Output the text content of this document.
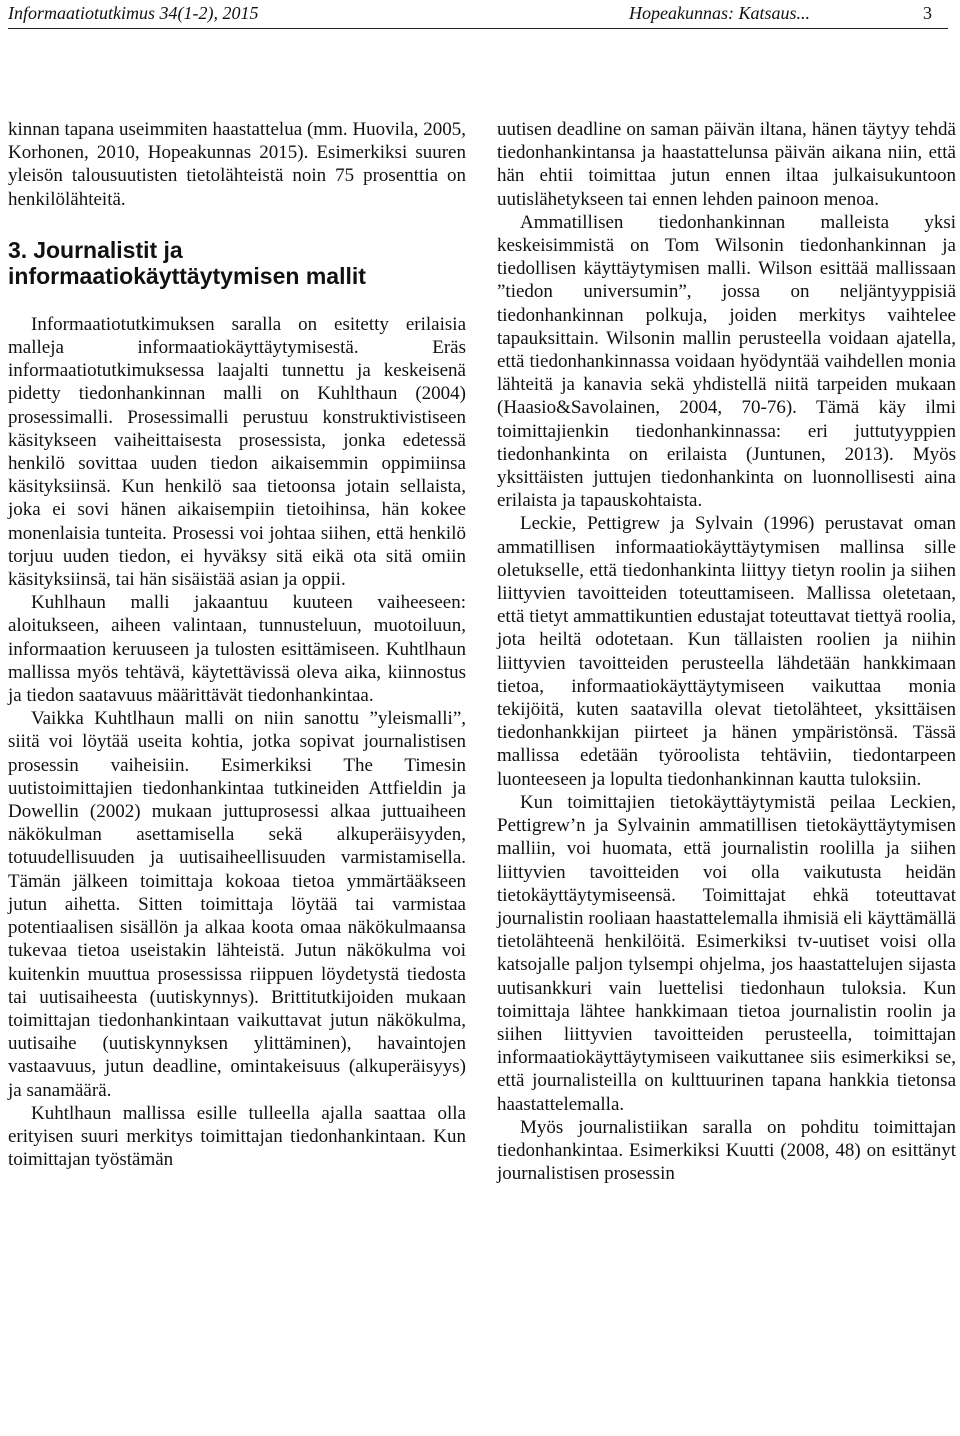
Informaatiotutkimus 34(1-2), 2015	Hopeakunnas: Katsaus...	3

kinnan tapana useimmiten haastattelua (mm. Huovila, 2005, Korhonen, 2010, Hopeakunnas 2015). Esimerkiksi suuren yleisön talousuutisten tietolähteistä noin 75 prosenttia on henkilölähteitä.

3. Journalistit ja informaatiokäyttäytymisen mallit

Informaatiotutkimuksen saralla on esitetty erilaisia malleja informaatiokäyttäytymisestä. Eräs informaatiotutkimuksessa laajalti tunnettu ja keskeisenä pidetty tiedonhankinnan malli on Kuhlthaun (2004) prosessimalli. Prosessimalli perustuu konstruktivistiseen käsitykseen vaiheittaisesta prosessista, jonka edetessä henkilö sovittaa uuden tiedon aikaisemmin oppimiinsa käsityksiinsä. Kun henkilö saa tietoonsa jotain sellaista, joka ei sovi hänen aikaisempiin tietoihinsa, hän kokee monenlaisia tunteita. Prosessi voi johtaa siihen, että henkilö torjuu uuden tiedon, ei hyväksy sitä eikä ota sitä omiin käsityksiinsä, tai hän sisäistää asian ja oppii.

Kuhlhaun malli jakaantuu kuuteen vaiheeseen: aloitukseen, aiheen valintaan, tunnusteluun, muotoiluun, informaation keruuseen ja tulosten esittämiseen. Kuhtlhaun mallissa myös tehtävä, käytettävissä oleva aika, kiinnostus ja tiedon saatavuus määrittävät tiedonhankintaa.

Vaikka Kuhtlhaun malli on niin sanottu ”yleismalli”, siitä voi löytää useita kohtia, jotka sopivat journalistisen prosessin vaiheisiin. Esimerkiksi The Timesin uutistoimittajien tiedonhankintaa tutkineiden Attfieldin ja Dowellin (2002) mukaan juttuprosessi alkaa juttuaiheen näkökulman asettamisella sekä alkuperäisyyden, totuudellisuuden ja uutisaiheellisuuden varmistamisella. Tämän jälkeen toimittaja kokoaa tietoa ymmärtääkseen jutun aihetta. Sitten toimittaja löytää tai varmistaa potentiaalisen sisällön ja alkaa koota omaa näkökulmaansa tukevaa tietoa useistakin lähteistä. Jutun näkökulma voi kuitenkin muuttua prosessissa riippuen löydetystä tiedosta tai uutisaiheesta (uutiskynnys). Brittitutkijoiden mukaan toimittajan tiedonhankintaan vaikuttavat jutun näkökulma, uutisaihe (uutiskynnyksen ylittäminen), havaintojen vastaavuus, jutun deadline, omintakeisuus (alkuperäisyys) ja sanamäärä.

Kuhtlhaun mallissa esille tulleella ajalla saattaa olla erityisen suuri merkitys toimittajan tiedonhankintaan. Kun toimittajan työstämän

uutisen deadline on saman päivän iltana, hänen täytyy tehdä tiedonhankintansa ja haastattelunsa päivän aikana niin, että hän ehtii toimittaa jutun ennen iltaa julkaisukuntoon uutislähetykseen tai ennen lehden painoon menoa.

Ammatillisen tiedonhankinnan malleista yksi keskeisimmistä on Tom Wilsonin tiedonhankinnan ja tiedollisen käyttäytymisen malli. Wilson esittää mallissaan ”tiedon universumin”, jossa on neljäntyyppisiä tiedonhankinnan polkuja, joiden merkitys vaihtelee tapauksittain. Wilsonin mallin perusteella voidaan ajatella, että tiedonhankinnassa voidaan hyödyntää vaihdellen monia lähteitä ja kanavia sekä yhdistellä niitä tarpeiden mukaan (Haasio&Savolainen, 2004, 70-76). Tämä käy ilmi toimittajienkin tiedonhankinnassa: eri juttutyyppien tiedonhankinta on erilaista (Juntunen, 2013). Myös yksittäisten juttujen tiedonhankinta on luonnollisesti aina erilaista ja tapauskohtaista.

Leckie, Pettigrew ja Sylvain (1996) perustavat oman ammatillisen informaatiokäyttäytymisen mallinsa sille oletukselle, että tiedonhankinta liittyy tietyn roolin ja siihen liittyvien tavoitteiden toteuttamiseen. Mallissa oletetaan, että tietyt ammattikuntien edustajat toteuttavat tiettyä roolia, jota heiltä odotetaan. Kun tällaisten roolien ja niihin liittyvien tavoitteiden perusteella lähdetään hankkimaan tietoa, informaatiokäyttäytymiseen vaikuttaa monia tekijöitä, kuten saatavilla olevat tietolähteet, yksittäisen tiedonhankkijan piirteet ja hänen ympäristönsä. Tässä mallissa edetään työroolista tehtäviin, tiedontarpeen luonteeseen ja lopulta tiedonhankinnan kautta tuloksiin.

Kun toimittajien tietokäyttäytymistä peilaa Leckien, Pettigrew’n ja Sylvainin ammatillisen tietokäyttäytymisen malliin, voi huomata, että journalistin roolilla ja siihen liittyvien tavoitteiden voi olla vaikutusta heidän tietokäyttäytymiseensä. Toimittajat ehkä toteuttavat journalistin rooliaan haastattelemalla ihmisiä eli käyttämällä tietolähteenä henkilöitä. Esimerkiksi tv-uutiset voisi olla katsojalle paljon tylsempi ohjelma, jos haastattelujen sijasta uutisankkuri vain luettelisi tiedonhaun tuloksia. Kun toimittaja lähtee hankkimaan tietoa journalistin roolin ja siihen liittyvien tavoitteiden perusteella, toimittajan informaatiokäyttäytymiseen vaikuttanee siis esimerkiksi se, että journalisteilla on kulttuurinen tapana hankkia tietonsa haastattelemalla.

Myös journalistiikan saralla on pohditu toimittajan tiedonhankintaa. Esimerkiksi Kuutti (2008, 48) on esittänyt journalistisen prosessin
